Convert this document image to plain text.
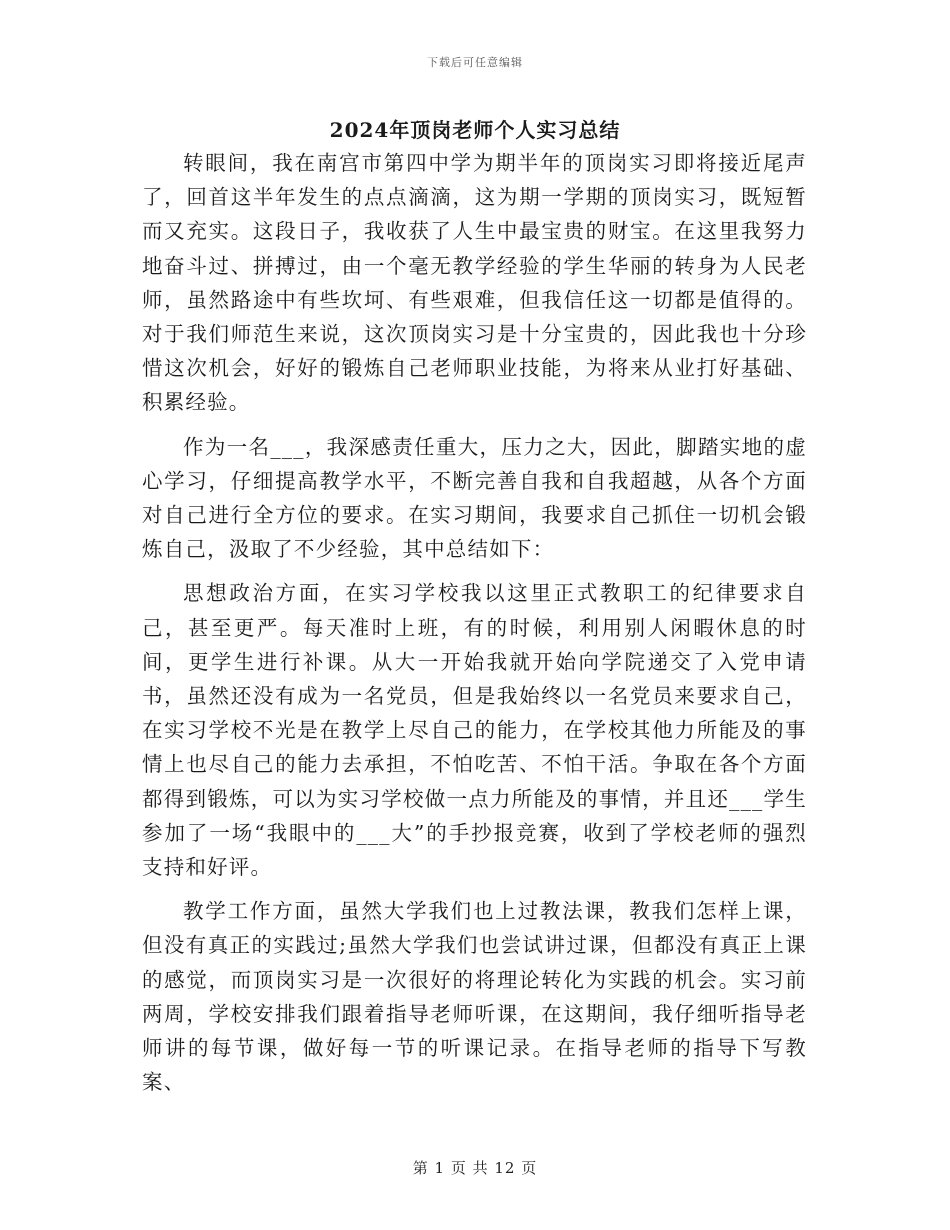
下载后可任意编辑
2024年顶岗老师个人实习总结

转眼间，我在南宫市第四中学为期半年的顶岗实习即将接近尾声了，回首这半年发生的点点滴滴，这为期一学期的顶岗实习，既短暂而又充实。这段日子，我收获了人生中最宝贵的财宝。在这里我努力地奋斗过、拼搏过，由一个毫无教学经验的学生华丽的转身为人民老师，虽然路途中有些坎坷、有些艰难，但我信任这一切都是值得的。对于我们师范生来说，这次顶岗实习是十分宝贵的，因此我也十分珍惜这次机会，好好的锻炼自己老师职业技能，为将来从业打好基础、积累经验。

作为一名___，我深感责任重大，压力之大，因此，脚踏实地的虚心学习，仔细提高教学水平，不断完善自我和自我超越，从各个方面对自己进行全方位的要求。在实习期间，我要求自己抓住一切机会锻炼自己，汲取了不少经验，其中总结如下：

思想政治方面，在实习学校我以这里正式教职工的纪律要求自己，甚至更严。每天准时上班，有的时候，利用别人闲暇休息的时间，更学生进行补课。从大一开始我就开始向学院递交了入党申请书，虽然还没有成为一名党员，但是我始终以一名党员来要求自己，在实习学校不光是在教学上尽自己的能力，在学校其他力所能及的事情上也尽自己的能力去承担，不怕吃苦、不怕干活。争取在各个方面都得到锻炼，可以为实习学校做一点力所能及的事情，并且还___学生参加了一场“我眼中的___大”的手抄报竞赛，收到了学校老师的强烈支持和好评。

教学工作方面，虽然大学我们也上过教法课，教我们怎样上课，但没有真正的实践过;虽然大学我们也尝试讲过课，但都没有真正上课的感觉，而顶岗实习是一次很好的将理论转化为实践的机会。实习前两周，学校安排我们跟着指导老师听课，在这期间，我仔细听指导老师讲的每节课，做好每一节的听课记录。在指导老师的指导下写教案、

第 1 页 共 12 页
